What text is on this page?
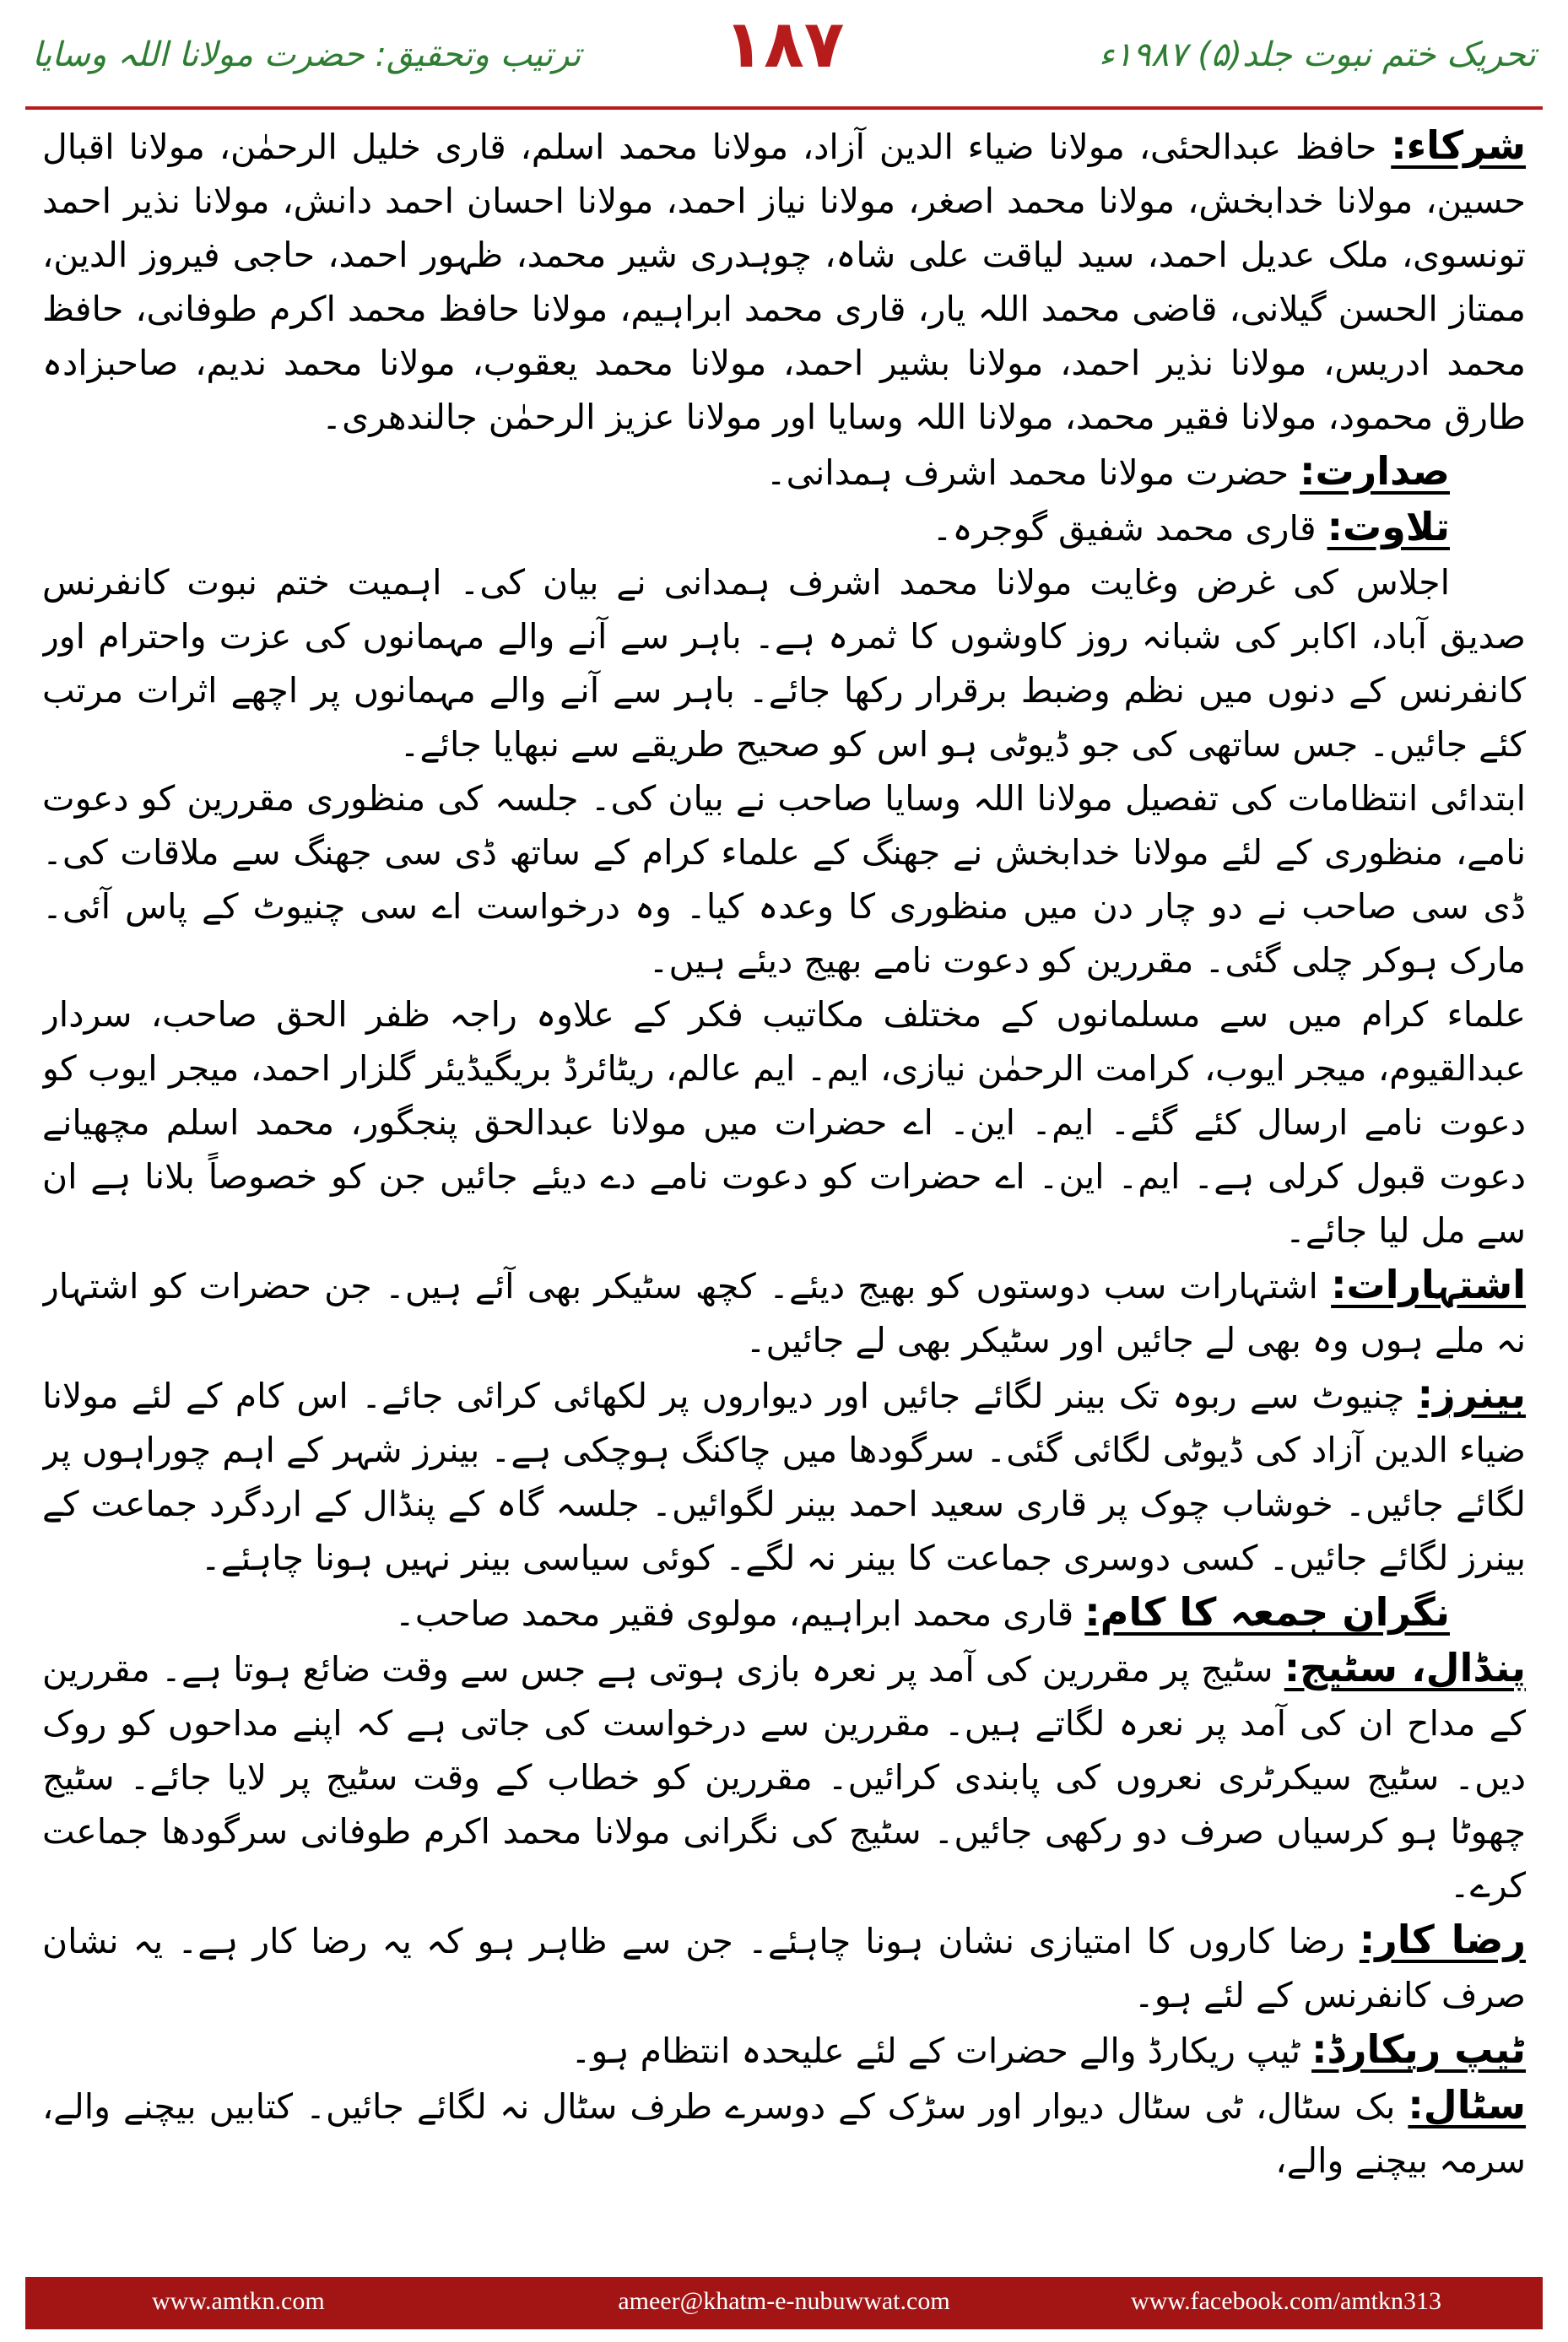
ترتیب وتحقیق: حضرت مولانا اللہ وسایا	۱۸۷	تحریک ختم نبوت جلد(۵) ۱۹۸۷ء

شرکاء: حافظ عبدالحئی، مولانا ضیاء الدین آزاد، مولانا محمد اسلم، قاری خلیل الرحمٰن، مولانا اقبال حسین، مولانا خدابخش، مولانا محمد اصغر، مولانا نیاز احمد، مولانا احسان احمد دانش، مولانا نذیر احمد تونسوی، ملک عدیل احمد، سید لیاقت علی شاہ، چوہدری شیر محمد، ظہور احمد، حاجی فیروز الدین، ممتاز الحسن گیلانی، قاضی محمد اللہ یار، قاری محمد ابراہیم، مولانا حافظ محمد اکرم طوفانی، حافظ محمد ادریس، مولانا نذیر احمد، مولانا بشیر احمد، مولانا محمد یعقوب، مولانا محمد ندیم، صاحبزادہ طارق محمود، مولانا فقیر محمد، مولانا اللہ وسایا اور مولانا عزیز الرحمٰن جالندھری۔

صدارت: حضرت مولانا محمد اشرف ہمدانی۔

تلاوت: قاری محمد شفیق گوجرہ۔

اجلاس کی غرض وغایت مولانا محمد اشرف ہمدانی نے بیان کی۔ اہمیت ختم نبوت کانفرنس صدیق آباد، اکابر کی شبانہ روز کاوشوں کا ثمرہ ہے۔ باہر سے آنے والے مہمانوں کی عزت واحترام اور کانفرنس کے دنوں میں نظم وضبط برقرار رکھا جائے۔ باہر سے آنے والے مہمانوں پر اچھے اثرات مرتب کئے جائیں۔ جس ساتھی کی جو ڈیوٹی ہو اس کو صحیح طریقے سے نبھایا جائے۔

ابتدائی انتظامات کی تفصیل مولانا اللہ وسایا صاحب نے بیان کی۔ جلسہ کی منظوری مقررین کو دعوت نامے، منظوری کے لئے مولانا خدابخش نے جھنگ کے علماء کرام کے ساتھ ڈی سی جھنگ سے ملاقات کی۔ ڈی سی صاحب نے دو چار دن میں منظوری کا وعدہ کیا۔ وہ درخواست اے سی چنیوٹ کے پاس آئی۔ مارک ہوکر چلی گئی۔ مقررین کو دعوت نامے بھیج دیئے ہیں۔

علماء کرام میں سے مسلمانوں کے مختلف مکاتیب فکر کے علاوہ راجہ ظفر الحق صاحب، سردار عبدالقیوم، میجر ایوب، کرامت الرحمٰن نیازی، ایم۔ ایم عالم، ریٹائرڈ بریگیڈیئر گلزار احمد، میجر ایوب کو دعوت نامے ارسال کئے گئے۔ ایم۔ این۔ اے حضرات میں مولانا عبدالحق پنجگور، محمد اسلم مچھیانے دعوت قبول کرلی ہے۔ ایم۔ این۔ اے حضرات کو دعوت نامے دے دیئے جائیں جن کو خصوصاً بلانا ہے ان سے مل لیا جائے۔

اشتہارات: اشتہارات سب دوستوں کو بھیج دیئے۔ کچھ سٹیکر بھی آئے ہیں۔ جن حضرات کو اشتہار نہ ملے ہوں وہ بھی لے جائیں اور سٹیکر بھی لے جائیں۔

بینرز: چنیوٹ سے ربوہ تک بینر لگائے جائیں اور دیواروں پر لکھائی کرائی جائے۔ اس کام کے لئے مولانا ضیاء الدین آزاد کی ڈیوٹی لگائی گئی۔ سرگودھا میں چاکنگ ہوچکی ہے۔ بینرز شہر کے اہم چوراہوں پر لگائے جائیں۔ خوشاب چوک پر قاری سعید احمد بینر لگوائیں۔ جلسہ گاہ کے پنڈال کے اردگرد جماعت کے بینرز لگائے جائیں۔ کسی دوسری جماعت کا بینر نہ لگے۔ کوئی سیاسی بینر نہیں ہونا چاہئے۔

نگران جمعہ کا کام: قاری محمد ابراہیم، مولوی فقیر محمد صاحب۔

پنڈال، سٹیج: سٹیج پر مقررین کی آمد پر نعرہ بازی ہوتی ہے جس سے وقت ضائع ہوتا ہے۔ مقررین کے مداح ان کی آمد پر نعرہ لگاتے ہیں۔ مقررین سے درخواست کی جاتی ہے کہ اپنے مداحوں کو روک دیں۔ سٹیج سیکرٹری نعروں کی پابندی کرائیں۔ مقررین کو خطاب کے وقت سٹیج پر لایا جائے۔ سٹیج چھوٹا ہو کرسیاں صرف دو رکھی جائیں۔ سٹیج کی نگرانی مولانا محمد اکرم طوفانی سرگودھا جماعت کرے۔

رضا کار: رضا کاروں کا امتیازی نشان ہونا چاہئے۔ جن سے ظاہر ہو کہ یہ رضا کار ہے۔ یہ نشان صرف کانفرنس کے لئے ہو۔

ٹیپ ریکارڈ: ٹیپ ریکارڈ والے حضرات کے لئے علیحدہ انتظام ہو۔

سٹال: بک سٹال، ٹی سٹال دیوار اور سڑک کے دوسرے طرف سٹال نہ لگائے جائیں۔ کتابیں بیچنے والے، سرمہ بیچنے والے،

www.amtkn.com	ameer@khatm-e-nubuwwat.com	www.facebook.com/amtkn313
